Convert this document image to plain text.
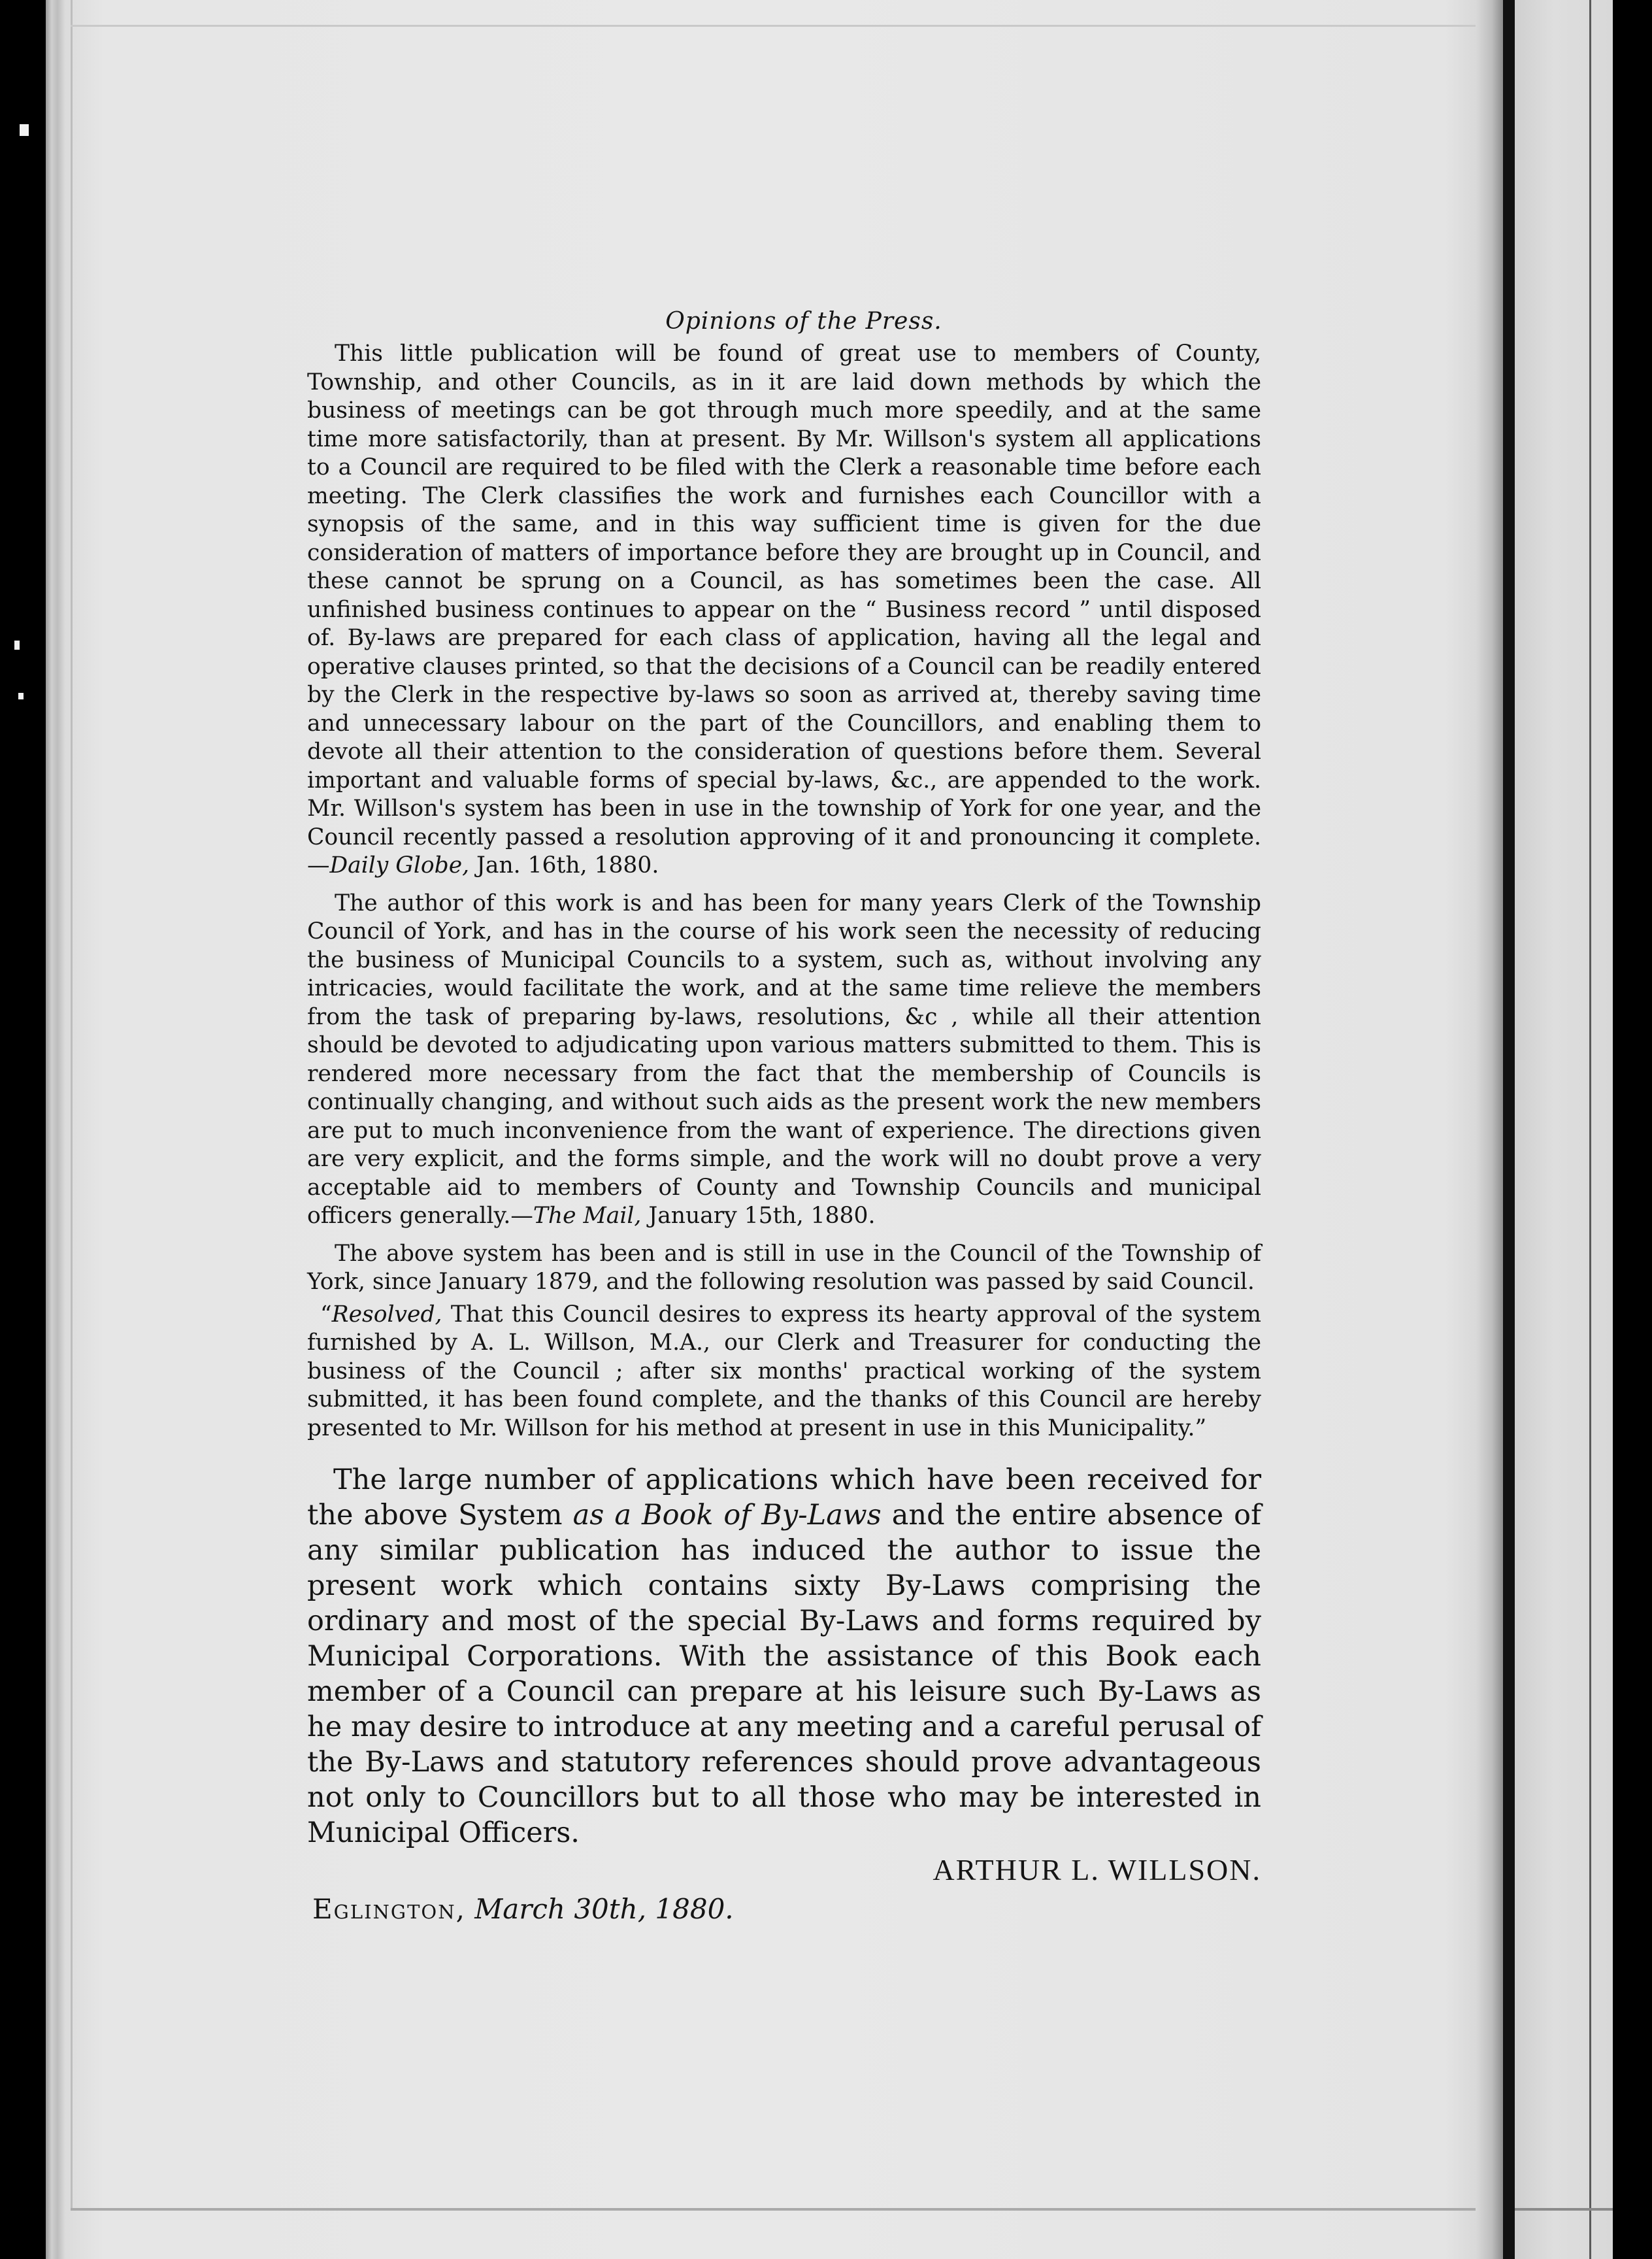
Opinions of the Press.

This little publication will be found of great use to members of County, Township, and other Councils, as in it are laid down methods by which the business of meetings can be got through much more speedily, and at the same time more satisfactorily, than at present. By Mr. Willson's system all applications to a Council are required to be filed with the Clerk a reasonable time before each meeting. The Clerk classifies the work and furnishes each Councillor with a synopsis of the same, and in this way sufficient time is given for the due consideration of matters of importance before they are brought up in Council, and these cannot be sprung on a Council, as has sometimes been the case. All unfinished business continues to appear on the “ Business record ” until disposed of. By-laws are prepared for each class of application, having all the legal and operative clauses printed, so that the decisions of a Council can be readily entered by the Clerk in the respective by-laws so soon as arrived at, thereby saving time and unnecessary labour on the part of the Councillors, and enabling them to devote all their attention to the consideration of questions before them. Several important and valuable forms of special by-laws, &c., are appended to the work. Mr. Willson's system has been in use in the township of York for one year, and the Council recently passed a resolution approving of it and pronouncing it complete.—Daily Globe, Jan. 16th, 1880.

The author of this work is and has been for many years Clerk of the Township Council of York, and has in the course of his work seen the necessity of reducing the business of Municipal Councils to a system, such as, without involving any intricacies, would facilitate the work, and at the same time relieve the members from the task of preparing by-laws, resolutions, &c , while all their attention should be devoted to adjudicating upon various matters submitted to them. This is rendered more necessary from the fact that the membership of Councils is continually changing, and without such aids as the present work the new members are put to much inconvenience from the want of experience. The directions given are very explicit, and the forms simple, and the work will no doubt prove a very acceptable aid to members of County and Township Councils and municipal officers generally.—The Mail, January 15th, 1880.

The above system has been and is still in use in the Council of the Township of York, since January 1879, and the following resolution was passed by said Council.

“Resolved, That this Council desires to express its hearty approval of the system furnished by A. L. Willson, M.A., our Clerk and Treasurer for conducting the business of the Council ; after six months' practical working of the system submitted, it has been found complete, and the thanks of this Council are hereby presented to Mr. Willson for his method at present in use in this Municipality.”

The large number of applications which have been received for the above System as a Book of By-Laws and the entire absence of any similar publication has induced the author to issue the present work which contains sixty By-Laws comprising the ordinary and most of the special By-Laws and forms required by Municipal Corporations. With the assistance of this Book each member of a Council can prepare at his leisure such By-Laws as he may desire to introduce at any meeting and a careful perusal of the By-Laws and statutory references should prove advantageous not only to Councillors but to all those who may be interested in Municipal Officers.

ARTHUR L. WILLSON.
Eglington, March 30th, 1880.
